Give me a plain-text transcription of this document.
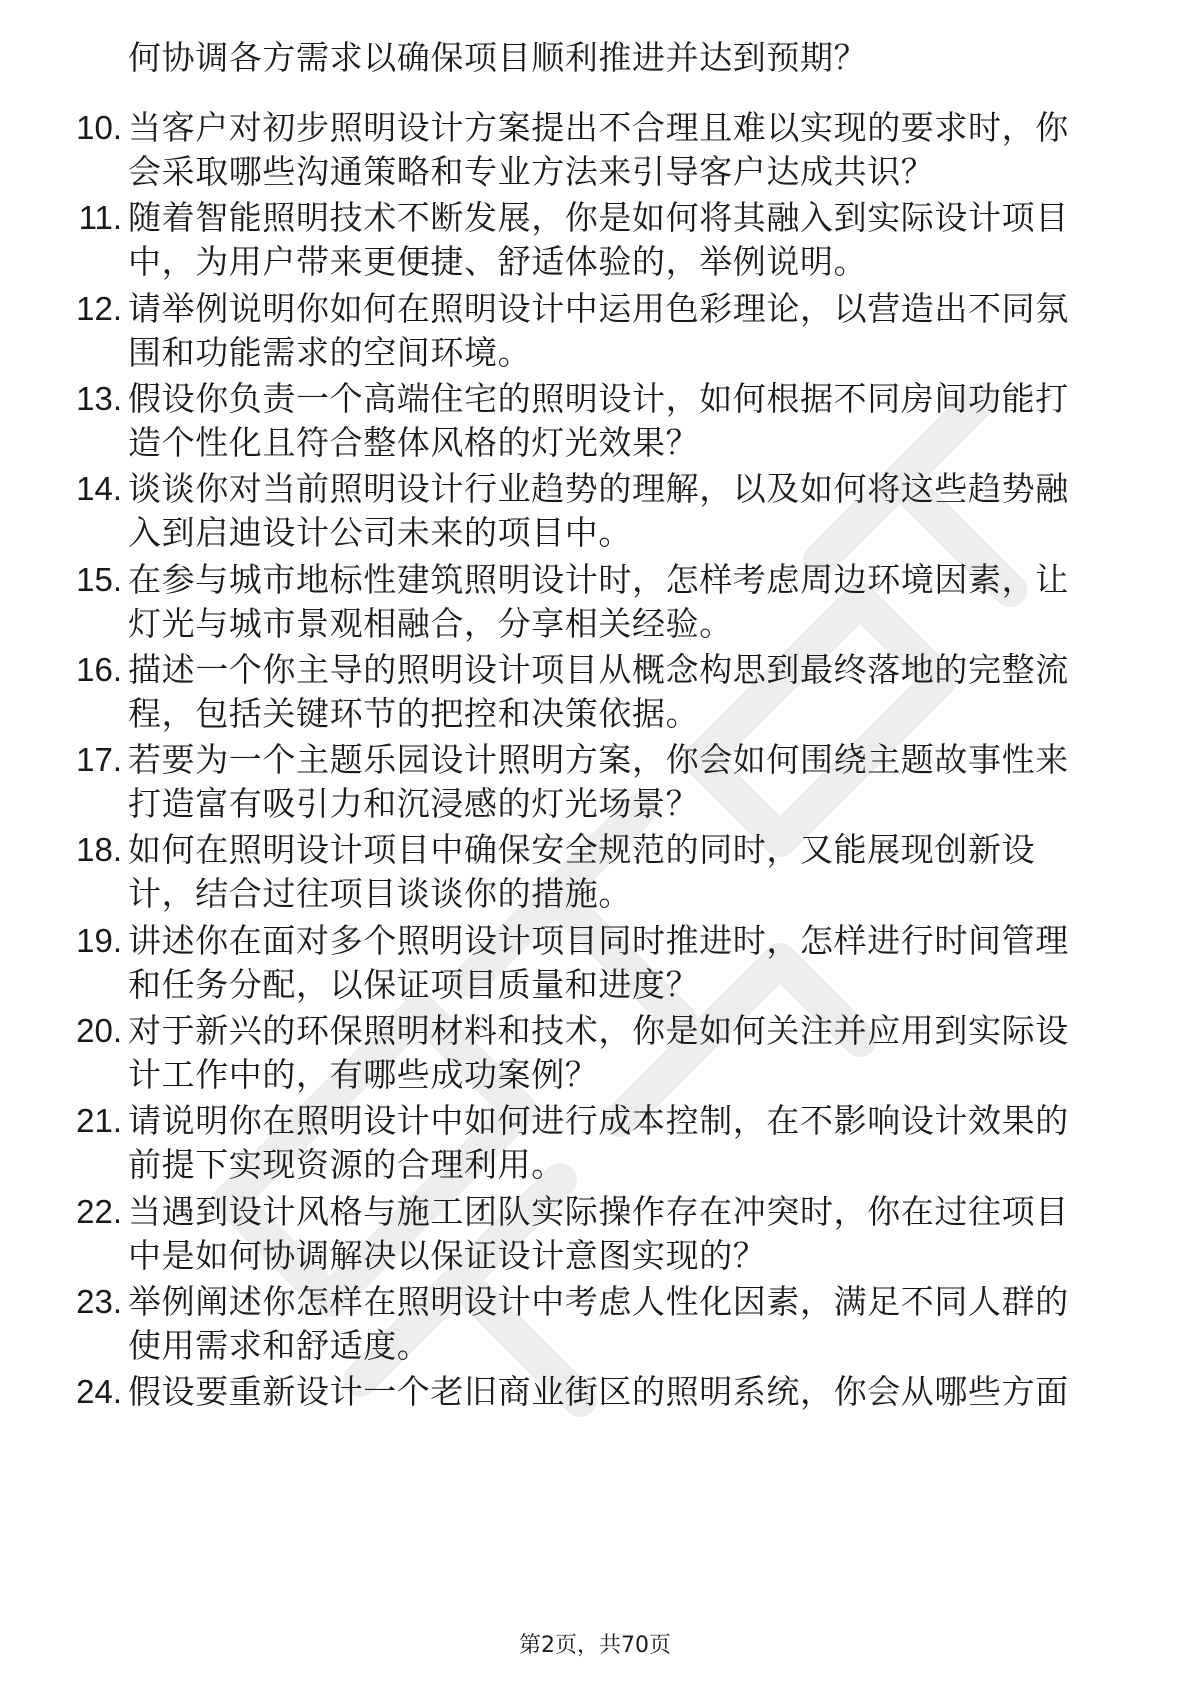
何协调各方需求以确保项目顺利推进并达到预期？
10. 当客户对初步照明设计方案提出不合理且难以实现的要求时，你
会采取哪些沟通策略和专业方法来引导客户达成共识？
11. 随着智能照明技术不断发展，你是如何将其融入到实际设计项目
中，为用户带来更便捷、舒适体验的，举例说明。
12. 请举例说明你如何在照明设计中运用色彩理论，以营造出不同氛
围和功能需求的空间环境。
13. 假设你负责一个高端住宅的照明设计，如何根据不同房间功能打
造个性化且符合整体风格的灯光效果？
14. 谈谈你对当前照明设计行业趋势的理解，以及如何将这些趋势融
入到启迪设计公司未来的项目中。
15. 在参与城市地标性建筑照明设计时，怎样考虑周边环境因素，让
灯光与城市景观相融合，分享相关经验。
16. 描述一个你主导的照明设计项目从概念构思到最终落地的完整流
程，包括关键环节的把控和决策依据。
17. 若要为一个主题乐园设计照明方案，你会如何围绕主题故事性来
打造富有吸引力和沉浸感的灯光场景？
18. 如何在照明设计项目中确保安全规范的同时，又能展现创新设
计，结合过往项目谈谈你的措施。
19. 讲述你在面对多个照明设计项目同时推进时，怎样进行时间管理
和任务分配，以保证项目质量和进度？
20. 对于新兴的环保照明材料和技术，你是如何关注并应用到实际设
计工作中的，有哪些成功案例？
21. 请说明你在照明设计中如何进行成本控制，在不影响设计效果的
前提下实现资源的合理利用。
22. 当遇到设计风格与施工团队实际操作存在冲突时，你在过往项目
中是如何协调解决以保证设计意图实现的？
23. 举例阐述你怎样在照明设计中考虑人性化因素，满足不同人群的
使用需求和舒适度。
24. 假设要重新设计一个老旧商业街区的照明系统，你会从哪些方面
第2页，共70页
